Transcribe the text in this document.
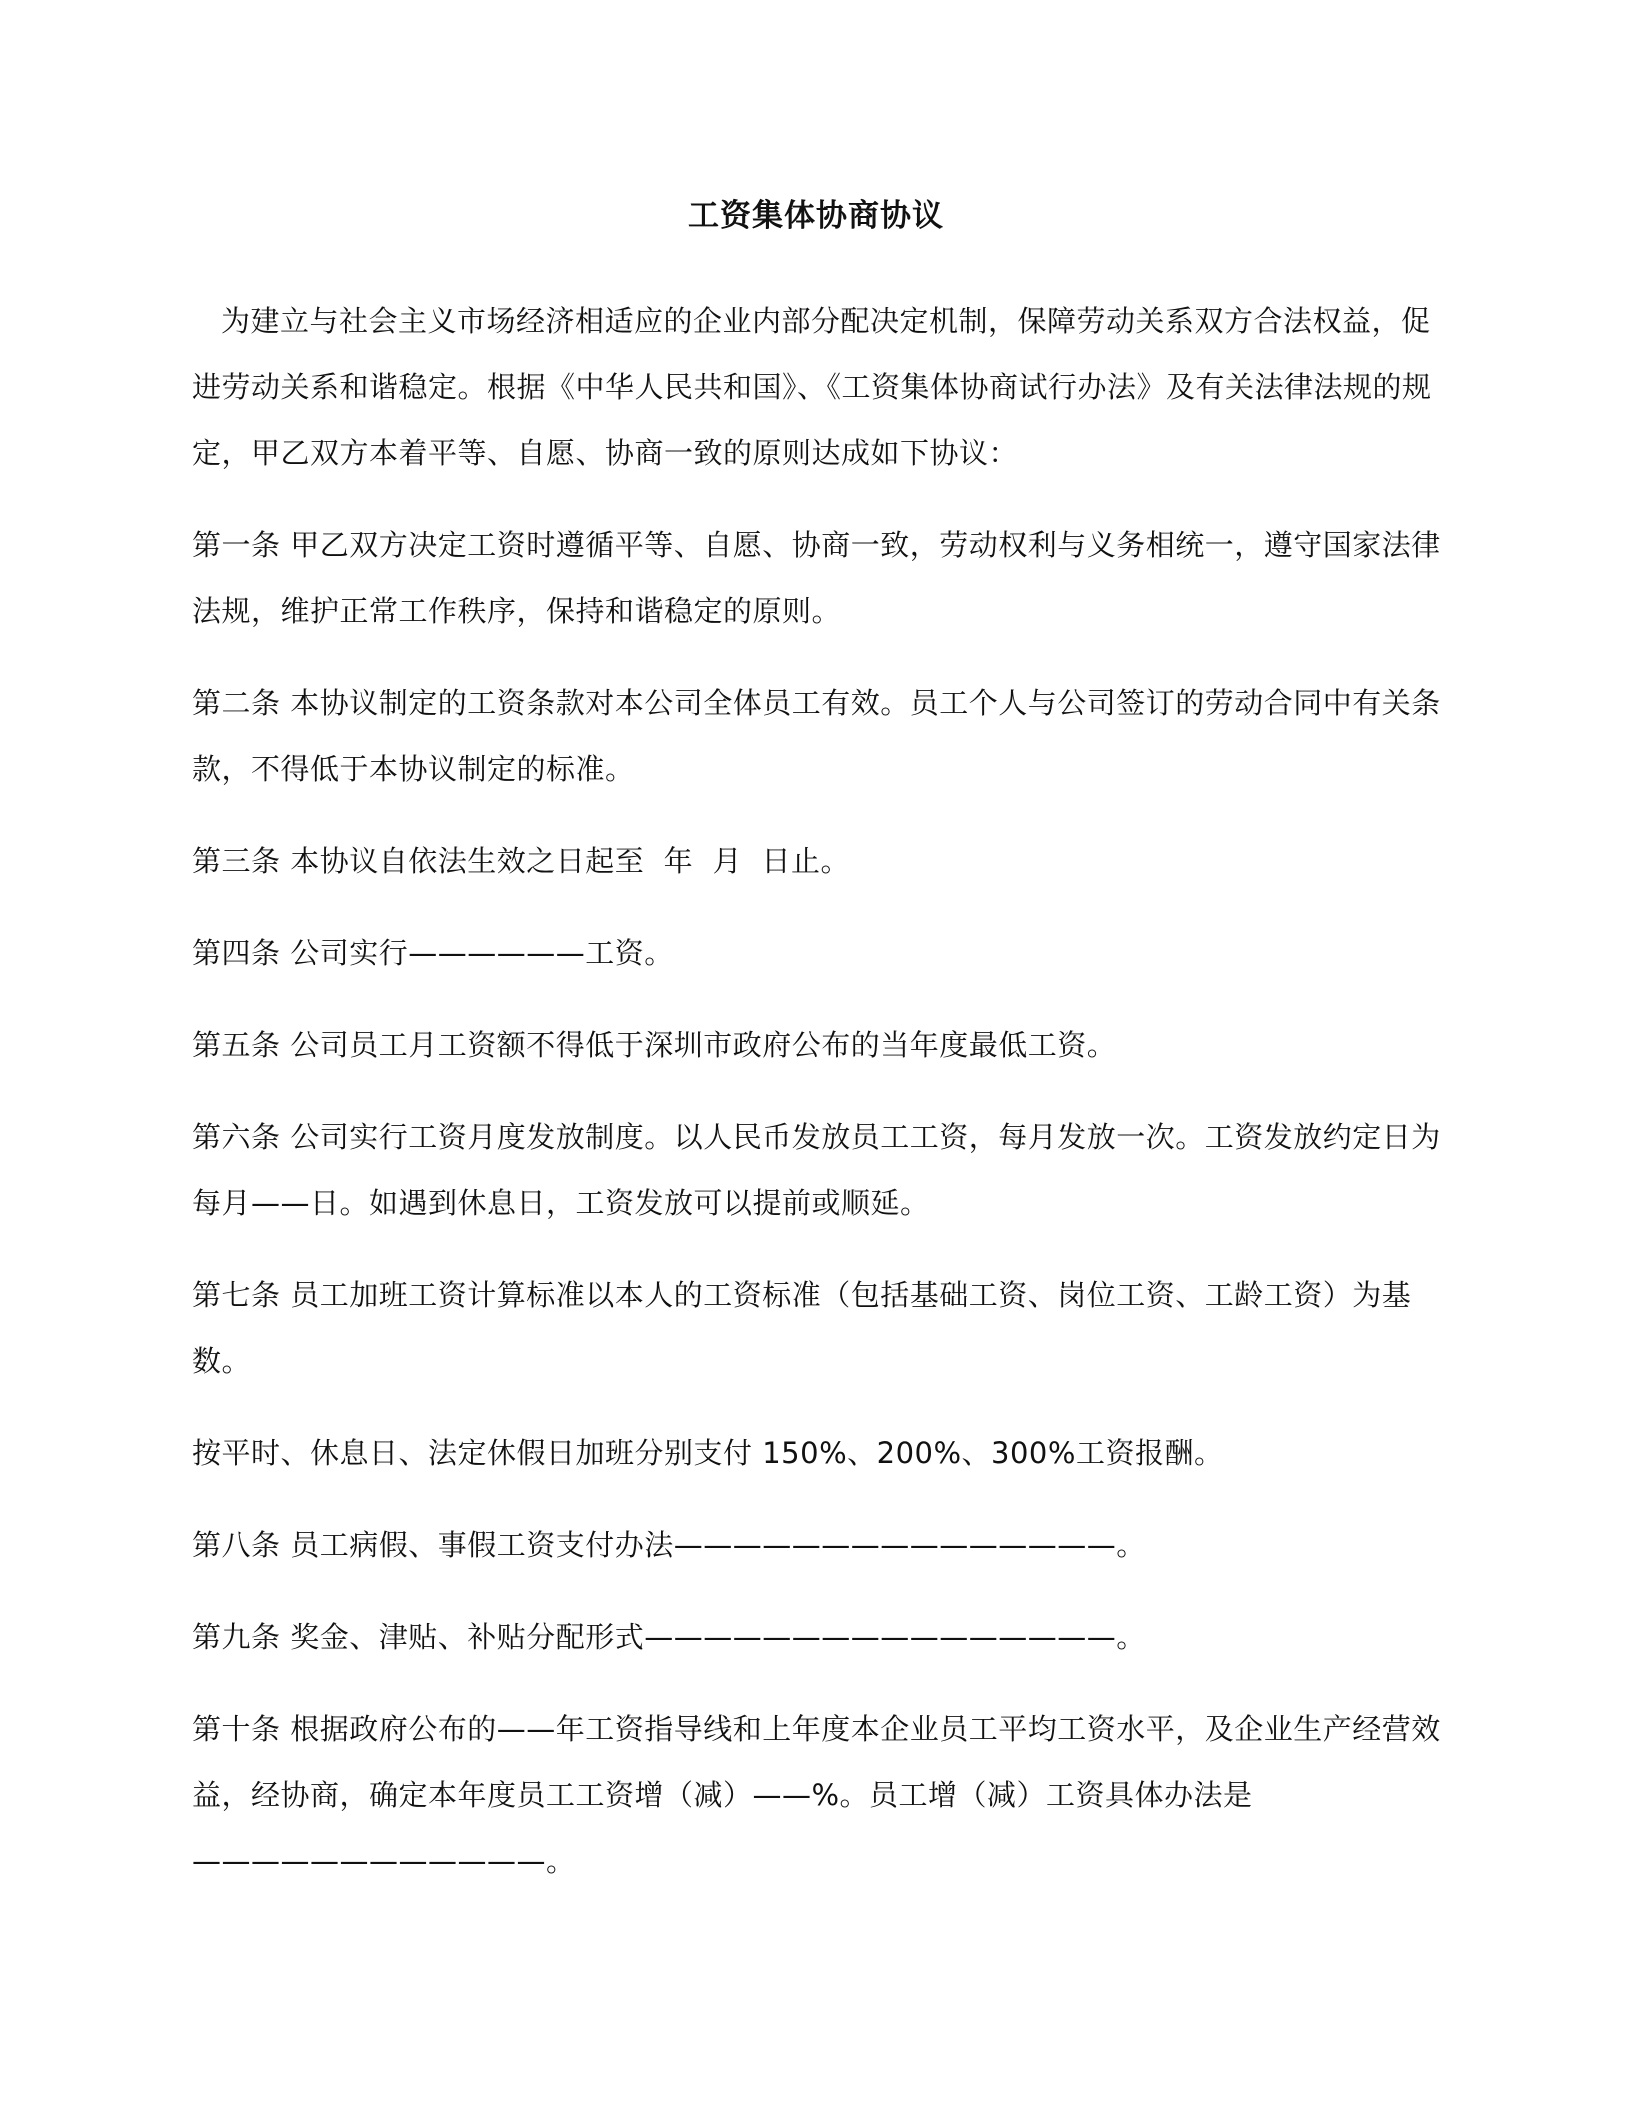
工资集体协商协议

为建立与社会主义市场经济相适应的企业内部分配决定机制，保障劳动关系双方合法权益，促进劳动关系和谐稳定。根据《中华人民共和国》、《工资集体协商试行办法》及有关法律法规的规定，甲乙双方本着平等、自愿、协商一致的原则达成如下协议：

第一条 甲乙双方决定工资时遵循平等、自愿、协商一致，劳动权利与义务相统一，遵守国家法律法规，维护正常工作秩序，保持和谐稳定的原则。

第二条 本协议制定的工资条款对本公司全体员工有效。员工个人与公司签订的劳动合同中有关条款，不得低于本协议制定的标准。

第三条 本协议自依法生效之日起至  年  月  日止。

第四条 公司实行——————工资。

第五条 公司员工月工资额不得低于深圳市政府公布的当年度最低工资。

第六条 公司实行工资月度发放制度。以人民币发放员工工资，每月发放一次。工资发放约定日为每月——日。如遇到休息日，工资发放可以提前或顺延。

第七条 员工加班工资计算标准以本人的工资标准（包括基础工资、岗位工资、工龄工资）为基数。

按平时、休息日、法定休假日加班分别支付 150%、200%、300%工资报酬。

第八条 员工病假、事假工资支付办法———————————————。

第九条 奖金、津贴、补贴分配形式————————————————。

第十条 根据政府公布的——年工资指导线和上年度本企业员工平均工资水平，及企业生产经营效益，经协商，确定本年度员工工资增（减）——%。员工增（减）工资具体办法是————————————。
